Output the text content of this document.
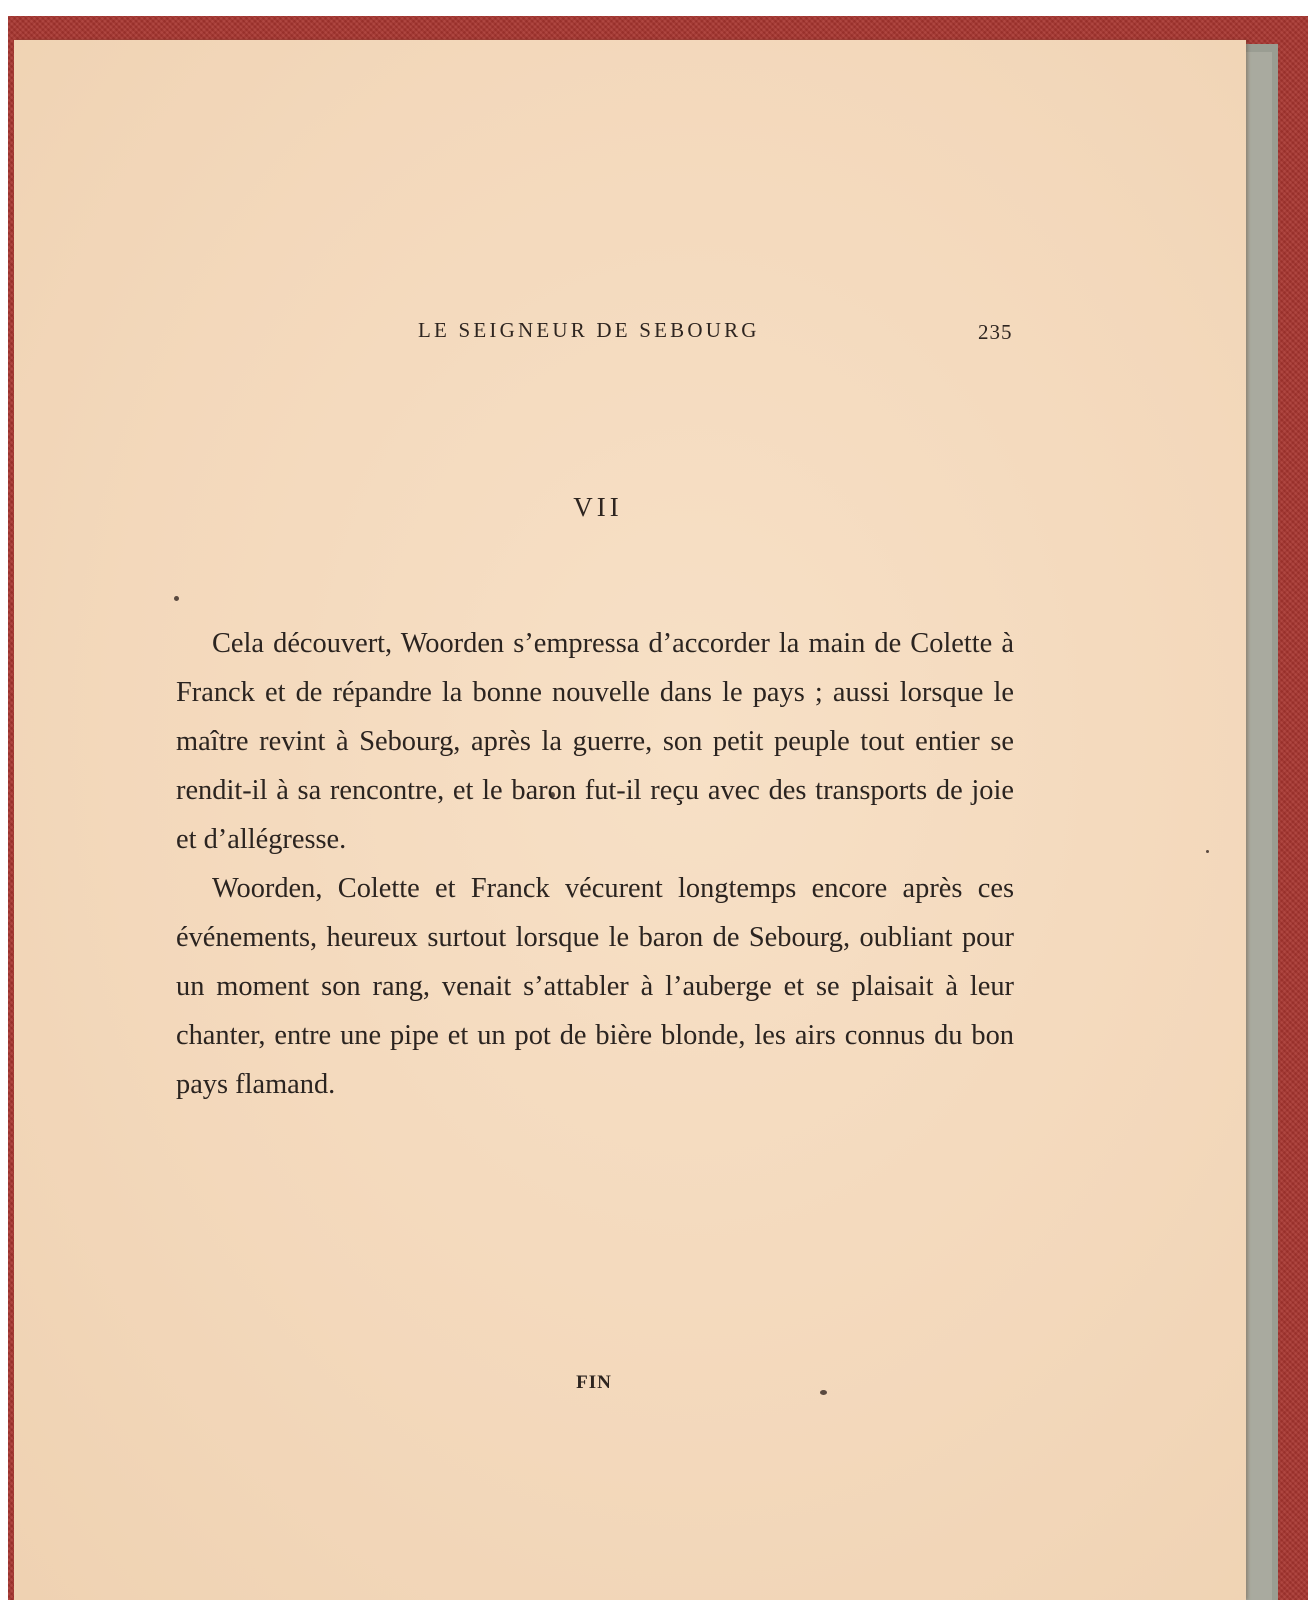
LE SEIGNEUR DE SEBOURG	235
VII

Cela découvert, Woorden s’empressa d’accorder la main de Colette à Franck et de répandre la bonne nouvelle dans le pays ; aussi lorsque le maître revint à Sebourg, après la guerre, son petit peuple tout entier se rendit-il à sa rencontre, et le baron fut-il reçu avec des transports de joie et d’allégresse.

Woorden, Colette et Franck vécurent longtemps encore après ces événements, heureux surtout lorsque le baron de Sebourg, oubliant pour un moment son rang, venait s’attabler à l’auberge et se plaisait à leur chanter, entre une pipe et un pot de bière blonde, les airs connus du bon pays flamand.

FIN
